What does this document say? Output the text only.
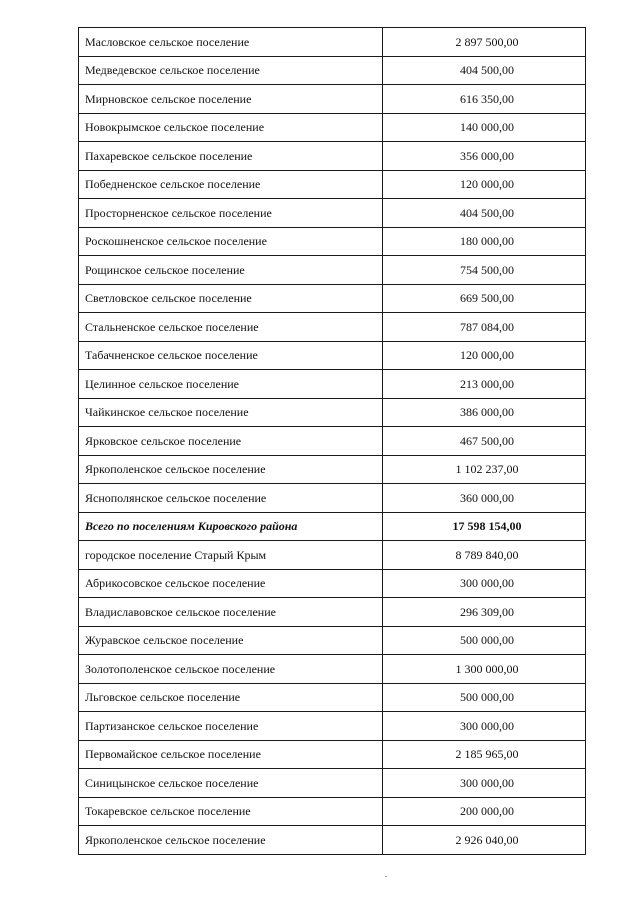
Масловское сельское поселение	2 897 500,00
Медведевское сельское поселение	404 500,00
Мирновское сельское поселение	616 350,00
Новокрымское сельское поселение	140 000,00
Пахаревское сельское поселение	356 000,00
Победненское сельское поселение	120 000,00
Просторненское сельское поселение	404 500,00
Роскошненское сельское поселение	180 000,00
Рощинское сельское поселение	754 500,00
Светловское сельское поселение	669 500,00
Стальненское сельское поселение	787 084,00
Табачненское сельское поселение	120 000,00
Целинное сельское поселение	213 000,00
Чайкинское сельское поселение	386 000,00
Ярковское сельское поселение	467 500,00
Яркополенское сельское поселение	1 102 237,00
Яснополянское сельское поселение	360 000,00
Всего по поселениям Кировского района	17 598 154,00
городское поселение Старый Крым	8 789 840,00
Абрикосовское сельское поселение	300 000,00
Владиславовское сельское поселение	296 309,00
Журавское сельское поселение	500 000,00
Золотополенское сельское поселение	1 300 000,00
Льговское сельское поселение	500 000,00
Партизанское сельское поселение	300 000,00
Первомайское сельское поселение	2 185 965,00
Синицынское сельское поселение	300 000,00
Токаревское сельское поселение	200 000,00
Яркополенское сельское поселение	2 926 040,00
